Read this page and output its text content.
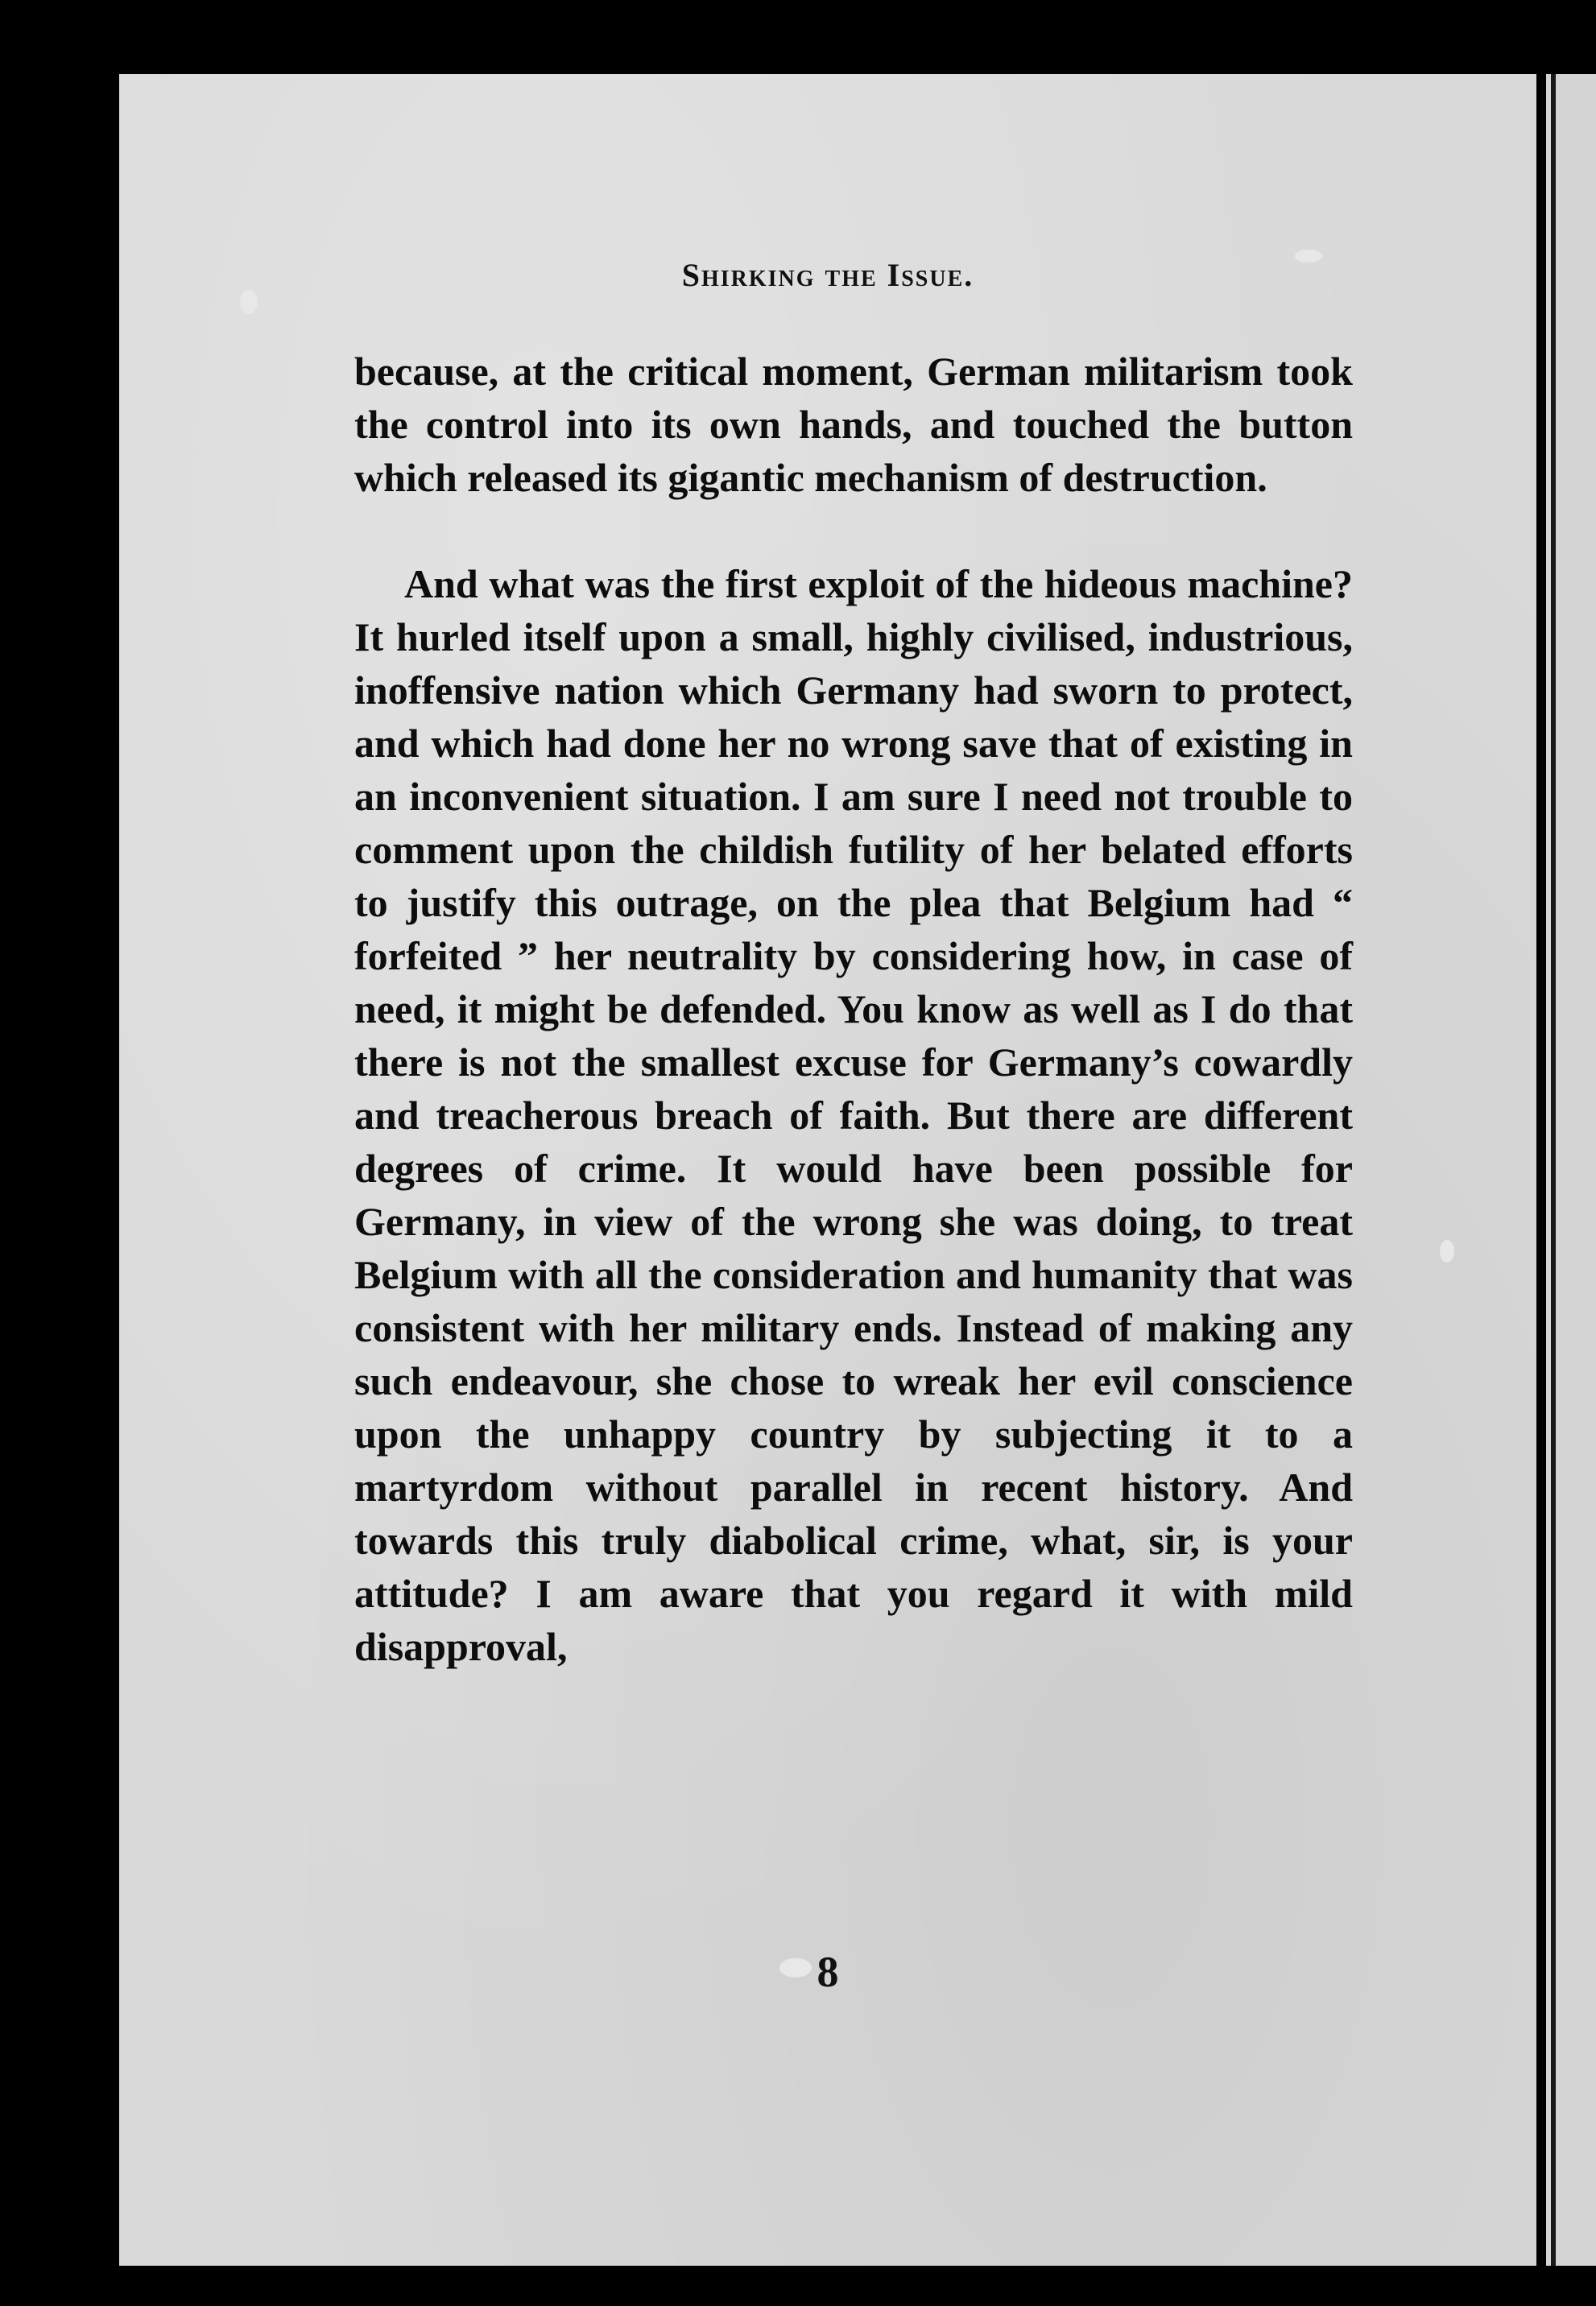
Shirking the Issue.

because, at the critical moment, German militarism took the control into its own hands, and touched the button which released its gigantic mechanism of destruction.

And what was the first exploit of the hideous machine? It hurled itself upon a small, highly civilised, industrious, inoffensive nation which Germany had sworn to protect, and which had done her no wrong save that of existing in an inconvenient situation. I am sure I need not trouble to comment upon the childish futility of her belated efforts to justify this outrage, on the plea that Belgium had “ forfeited ” her neutrality by considering how, in case of need, it might be defended. You know as well as I do that there is not the smallest excuse for Germany’s cowardly and treacherous breach of faith. But there are different degrees of crime. It would have been possible for Germany, in view of the wrong she was doing, to treat Belgium with all the consideration and humanity that was consistent with her military ends. Instead of making any such endeavour, she chose to wreak her evil conscience upon the unhappy country by subjecting it to a martyrdom without parallel in recent history. And towards this truly diabolical crime, what, sir, is your attitude? I am aware that you regard it with mild disapproval,

8
